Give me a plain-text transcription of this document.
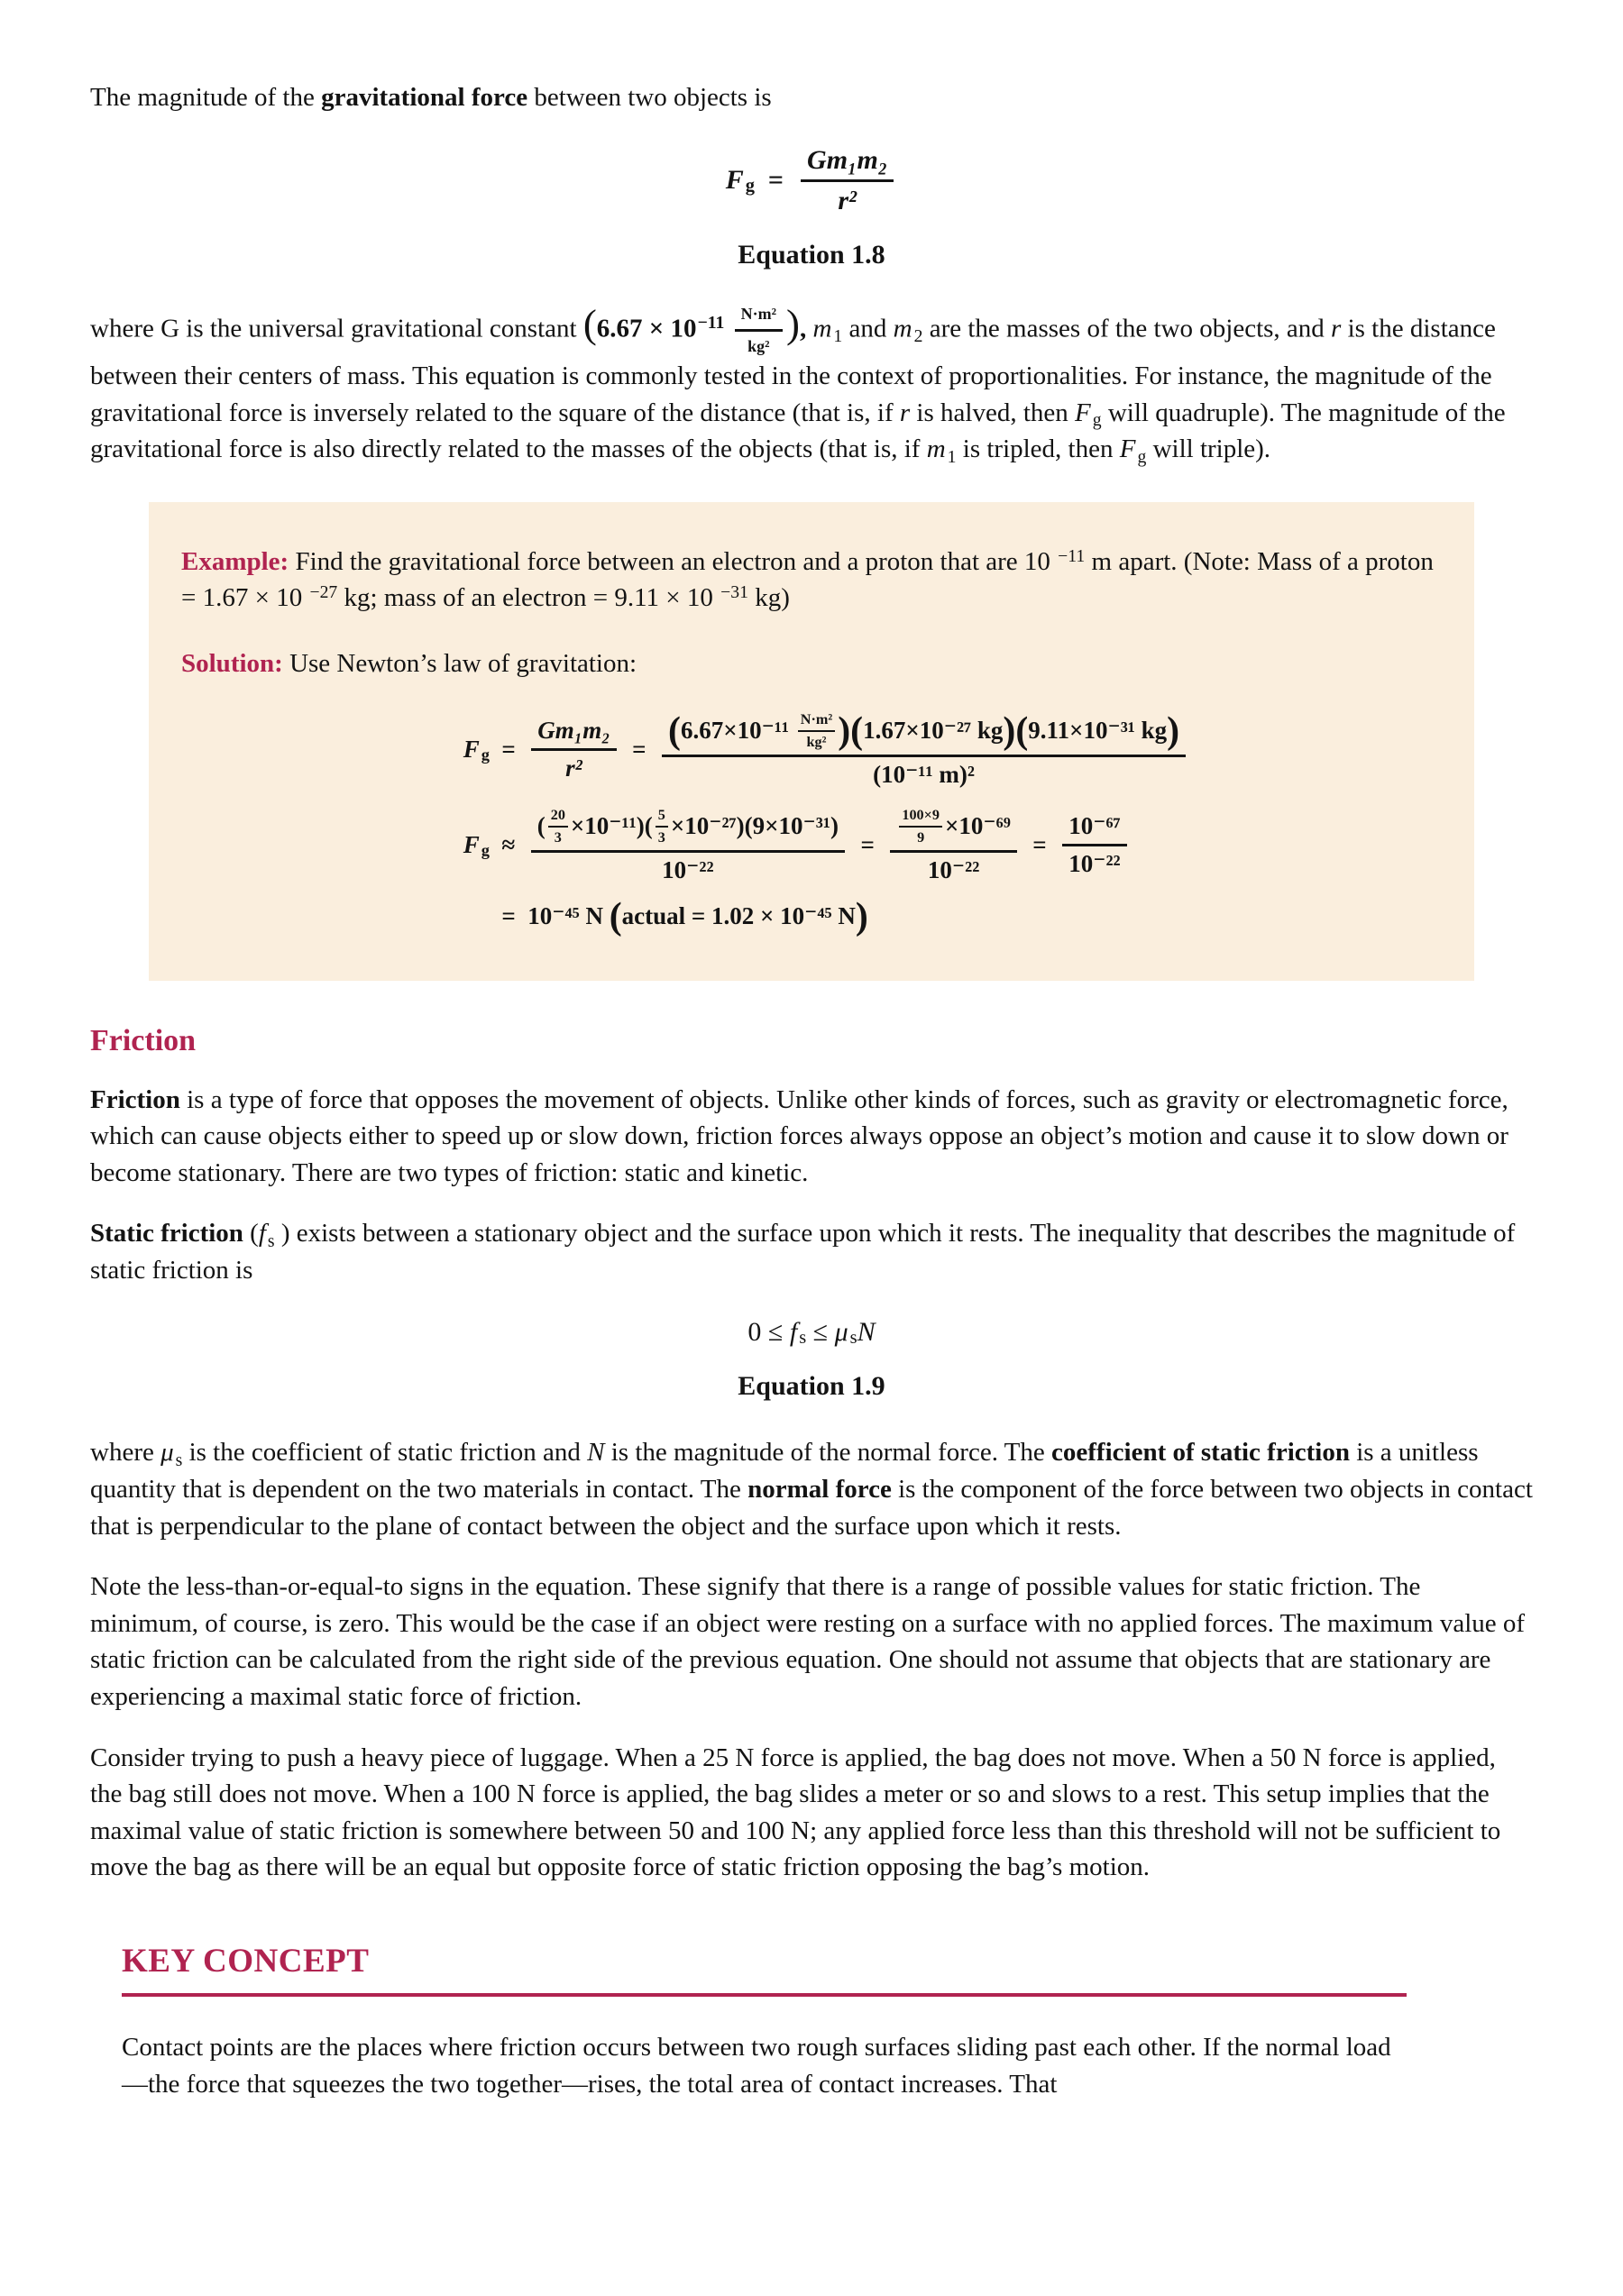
The magnitude of the gravitational force between two objects is

F $g = \frac{\text{Gm₁m₂}}{\text{r²}}$

Equation 1.8

where G is the universal gravitational constant ($6.67 \times 10^{-11} \frac{\text{N·m²}}{\text{kg²}}$ ), m $_1$ and m $_2$ are the masses of the two objects, and r is the distance between their centers of mass. This equation is commonly tested in the context of proportionalities. For instance, the magnitude of the gravitational force is inversely related to the square of the distance (that is, if r is halved, then F $_g$ will quadruple). The magnitude of the gravitational force is also directly related to the masses of the objects (that is, if m $_1$ is tripled, then F $_g$ will triple).

Example: Find the gravitational force between an electron and a proton that are 10 $^{-11}$ m apart. (Note: Mass of a proton = 1.67 × 10 $^{-27}$ kg; mass of an electron = 9.11 × 10 $^{-31}$ kg)

Solution: Use Newton’s law of gravitation:

F $g = \frac{\text{Gm₁m₂}}{\text{r²}} = \frac{( 6.67\times 10^{-11} \frac{\text{N·m²}}{\text{kg²}} ) ( 1.67\times 10^{-27} kg ) ( 9.11\times 10^{-31} kg )}{\text{(10⁻¹¹ m)²}}$
F $g \approx \frac{( \frac{20}{3} \times 10^{-11})( \frac{5}{3} \times 10^{-27})(9\times 10^{-31})}{\text{10⁻²²}} = \frac{\frac{100\times 9}{9} \times 10^{-69}}{\text{10⁻²²}} = \frac{\text{10⁻⁶⁷}}{\text{10⁻²²}}$
=  10⁻⁴⁵ N ( actual = 1.02 × 10⁻⁴⁵ N )
Friction

Friction is a type of force that opposes the movement of objects. Unlike other kinds of forces, such as gravity or electromagnetic force, which can cause objects either to speed up or slow down, friction forces always oppose an object’s motion and cause it to slow down or become stationary. There are two types of friction: static and kinetic.

Static friction (f $_s$ ) exists between a stationary object and the surface upon which it rests. The inequality that describes the magnitude of static friction is

0 ≤ f s ≤ μ s N

Equation 1.9

where μ $_s$ is the coefficient of static friction and N is the magnitude of the normal force. The coefficient of static friction is a unitless quantity that is dependent on the two materials in contact. The normal force is the component of the force between two objects in contact that is perpendicular to the plane of contact between the object and the surface upon which it rests.

Note the less-than-or-equal-to signs in the equation. These signify that there is a range of possible values for static friction. The minimum, of course, is zero. This would be the case if an object were resting on a surface with no applied forces. The maximum value of static friction can be calculated from the right side of the previous equation. One should not assume that objects that are stationary are experiencing a maximal static force of friction.

Consider trying to push a heavy piece of luggage. When a 25 N force is applied, the bag does not move. When a 50 N force is applied, the bag still does not move. When a 100 N force is applied, the bag slides a meter or so and slows to a rest. This setup implies that the maximal value of static friction is somewhere between 50 and 100 N; any applied force less than this threshold will not be sufficient to move the bag as there will be an equal but opposite force of static friction opposing the bag’s motion.

KEY CONCEPT

Contact points are the places where friction occurs between two rough surfaces sliding past each other. If the normal load—the force that squeezes the two together—rises, the total area of contact increases. That
